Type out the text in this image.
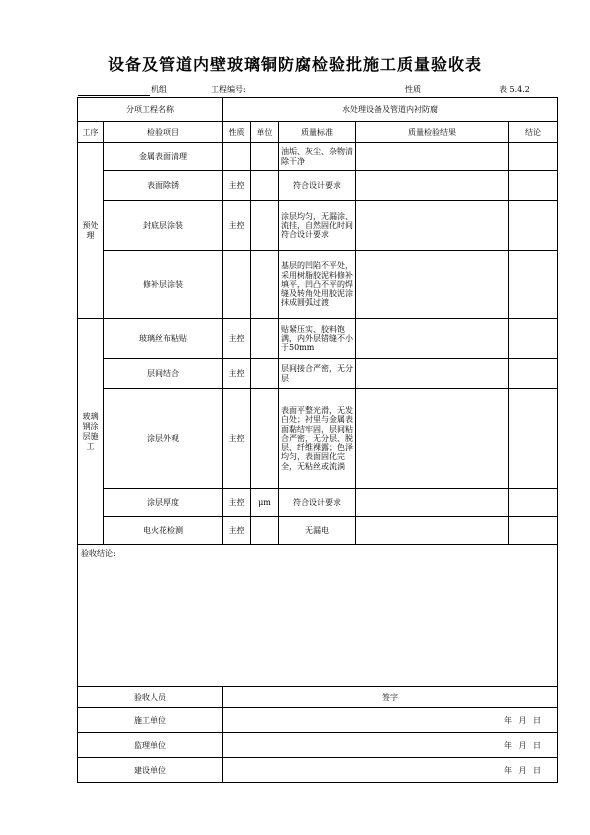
设备及管道内壁玻璃铜防腐检验批施工质量验收表
机组	工程编号:	性质	表 5.4.2
分项工程名称		水处理设备及管道内衬防腐				
工序	检验项目	性质	单位	质量标准	质量检验结果	结论
预处理	金属表面清理			油垢、灰尘、杂物清除干净		
	表面除锈	主控		符合设计要求		
	封底层涂装	主控		涂层均匀，无漏涂、流挂，自然固化时间符合设计要求		
	修补层涂装			基层的凹陷不平处，采用树脂胶泥料修补填平，凹凸不平的焊缝及转角处用胶泥涂抹成圆弧过渡		
玻璃钢涂层施工	玻璃丝布粘贴	主控		贴紧压实、胶料饱满，内外层错缝不小于50mm		
	层间结合	主控		层间接合严密，无分层		
	涂层外观	主控		表面平整光滑，无发白处；衬里与金属表面黏结牢固，层间粘合严密，无分层、脱层、纤维裸露；色泽均匀，表面固化完全，无粘丝或流淌		
	涂层厚度	主控	μm	符合设计要求		
	电火花检测	主控		无漏电		
验收结论:						
验收人员		签字				
施工单位		年 月 日				
监理单位		年 月 日				
建设单位		年 月 日				
